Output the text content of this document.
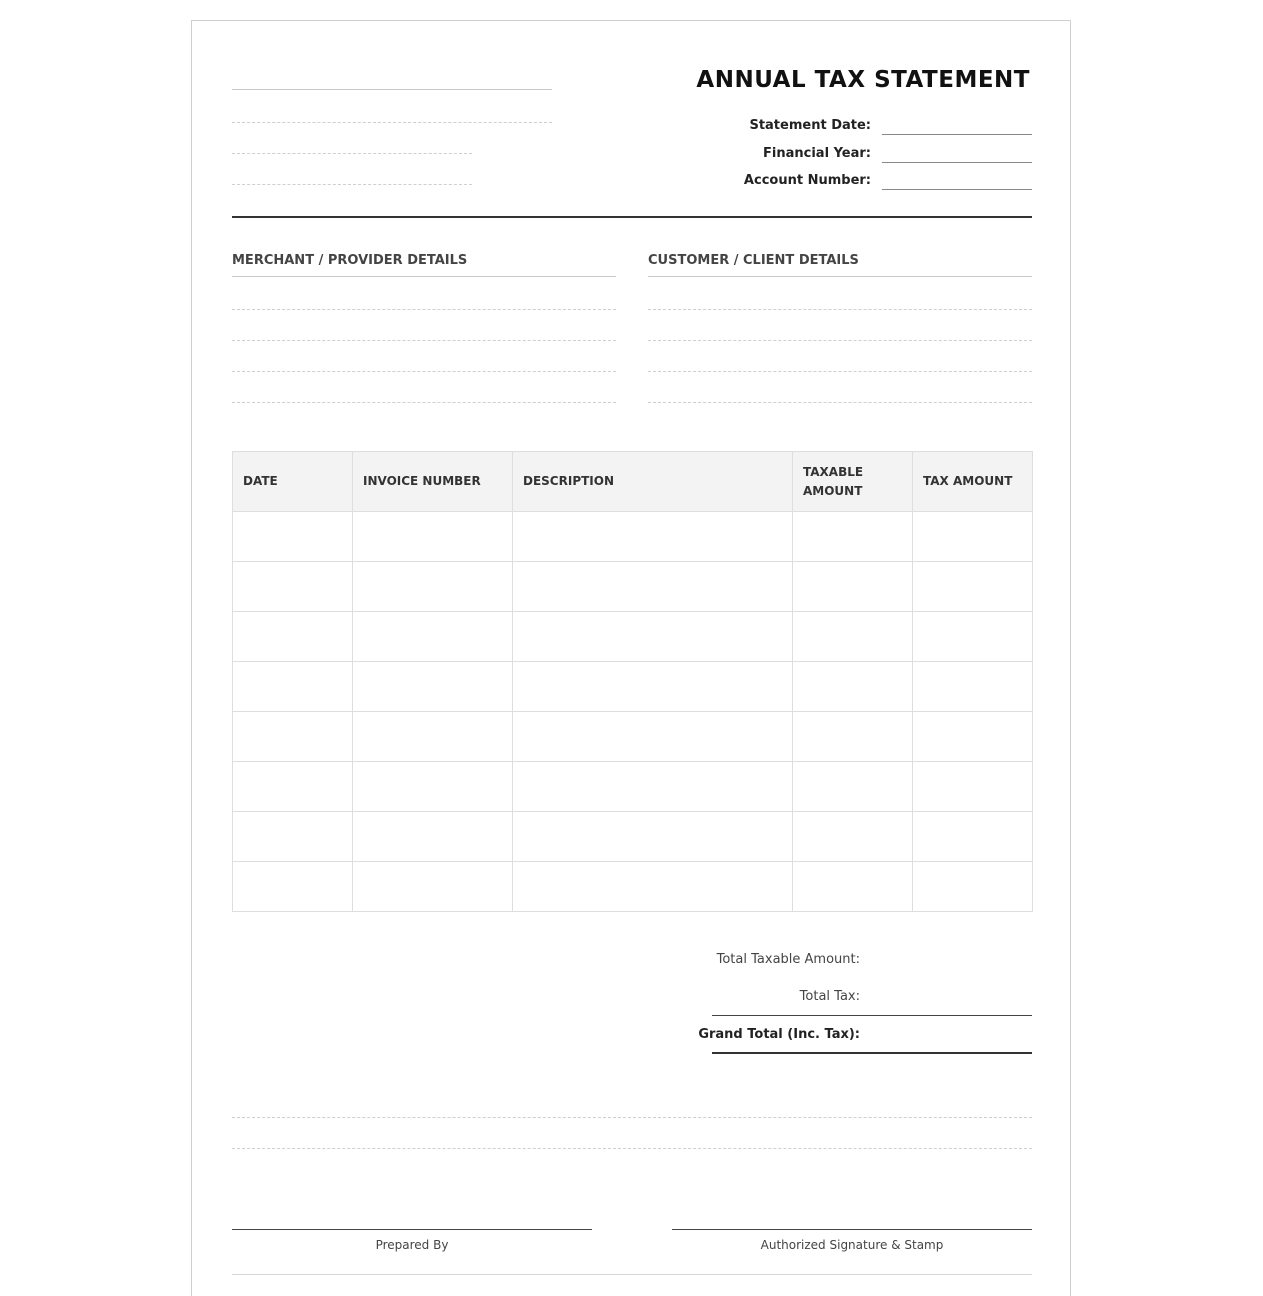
ANNUAL TAX STATEMENT
Statement Date:
Financial Year:
Account Number:
MERCHANT / PROVIDER DETAILS	CUSTOMER / CLIENT DETAILS
DATE	INVOICE NUMBER	DESCRIPTION	TAXABLE AMOUNT	TAX AMOUNT

Total Taxable Amount:
Total Tax:
Grand Total (Inc. Tax):
Prepared By	Authorized Signature & Stamp
